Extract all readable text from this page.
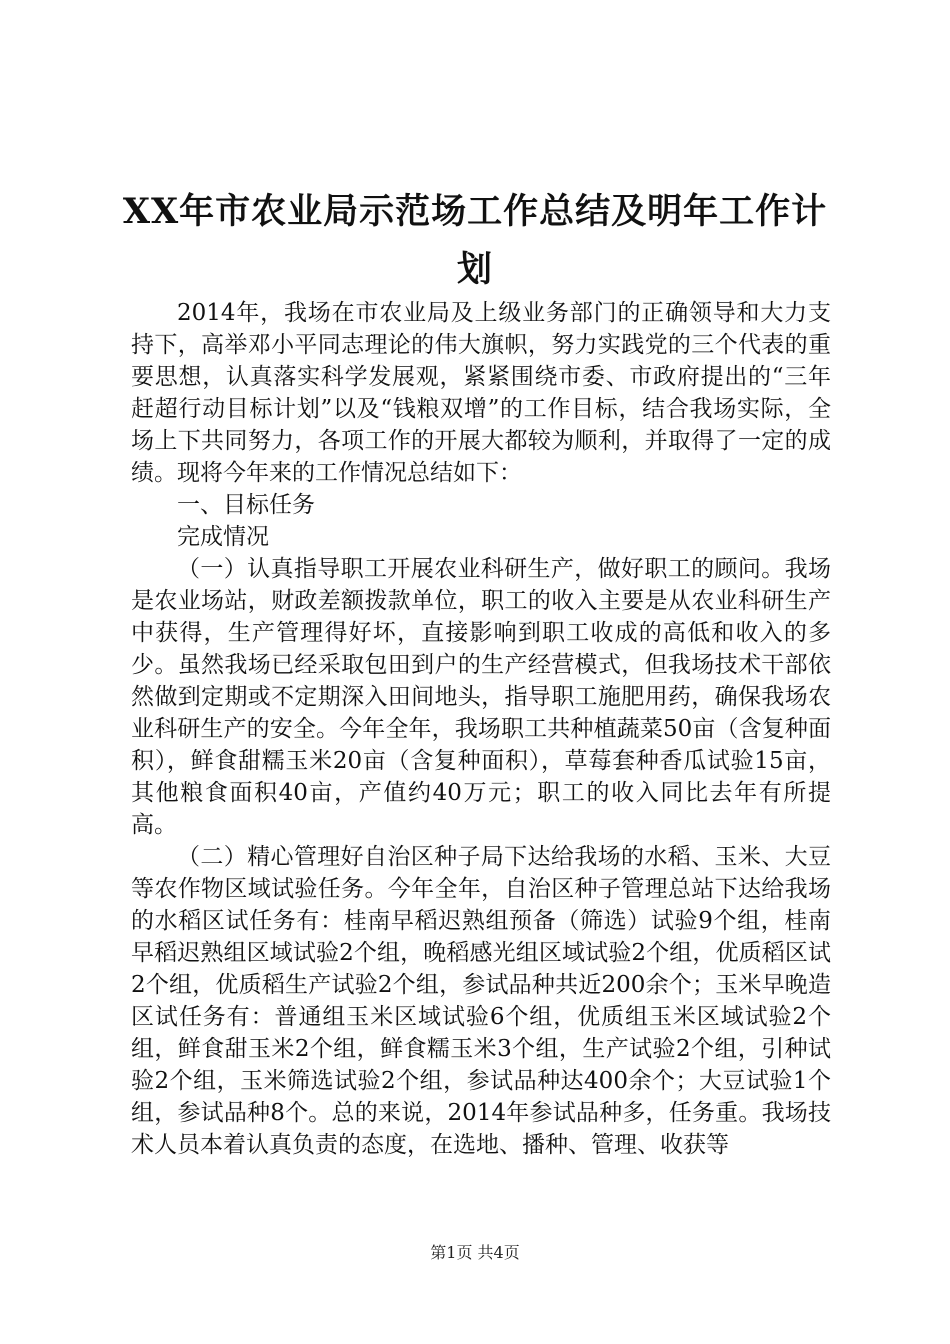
XX年市农业局示范场工作总结及明年工作计划

2014年，我场在市农业局及上级业务部门的正确领导和大力支持下，高举邓小平同志理论的伟大旗帜，努力实践党的三个代表的重要思想，认真落实科学发展观，紧紧围绕市委、市政府提出的“三年赶超行动目标计划”以及“钱粮双增”的工作目标，结合我场实际，全场上下共同努力，各项工作的开展大都较为顺利，并取得了一定的成绩。现将今年来的工作情况总结如下：

一、目标任务

完成情况

（一）认真指导职工开展农业科研生产，做好职工的顾问。我场是农业场站，财政差额拨款单位，职工的收入主要是从农业科研生产中获得，生产管理得好坏，直接影响到职工收成的高低和收入的多少。虽然我场已经采取包田到户的生产经营模式，但我场技术干部依然做到定期或不定期深入田间地头，指导职工施肥用药，确保我场农业科研生产的安全。今年全年，我场职工共种植蔬菜50亩（含复种面积），鲜食甜糯玉米20亩（含复种面积），草莓套种香瓜试验15亩，其他粮食面积40亩，产值约40万元；职工的收入同比去年有所提高。

（二）精心管理好自治区种子局下达给我场的水稻、玉米、大豆等农作物区域试验任务。今年全年，自治区种子管理总站下达给我场的水稻区试任务有：桂南早稻迟熟组预备（筛选）试验9个组，桂南早稻迟熟组区域试验2个组，晚稻感光组区域试验2个组，优质稻区试2个组，优质稻生产试验2个组，参试品种共近200余个；玉米早晚造区试任务有：普通组玉米区域试验6个组，优质组玉米区域试验2个组，鲜食甜玉米2个组，鲜食糯玉米3个组，生产试验2个组，引种试验2个组，玉米筛选试验2个组，参试品种达400余个；大豆试验1个组，参试品种8个。总的来说，2014年参试品种多，任务重。我场技术人员本着认真负责的态度，在选地、播种、管理、收获等

第1页 共4页
